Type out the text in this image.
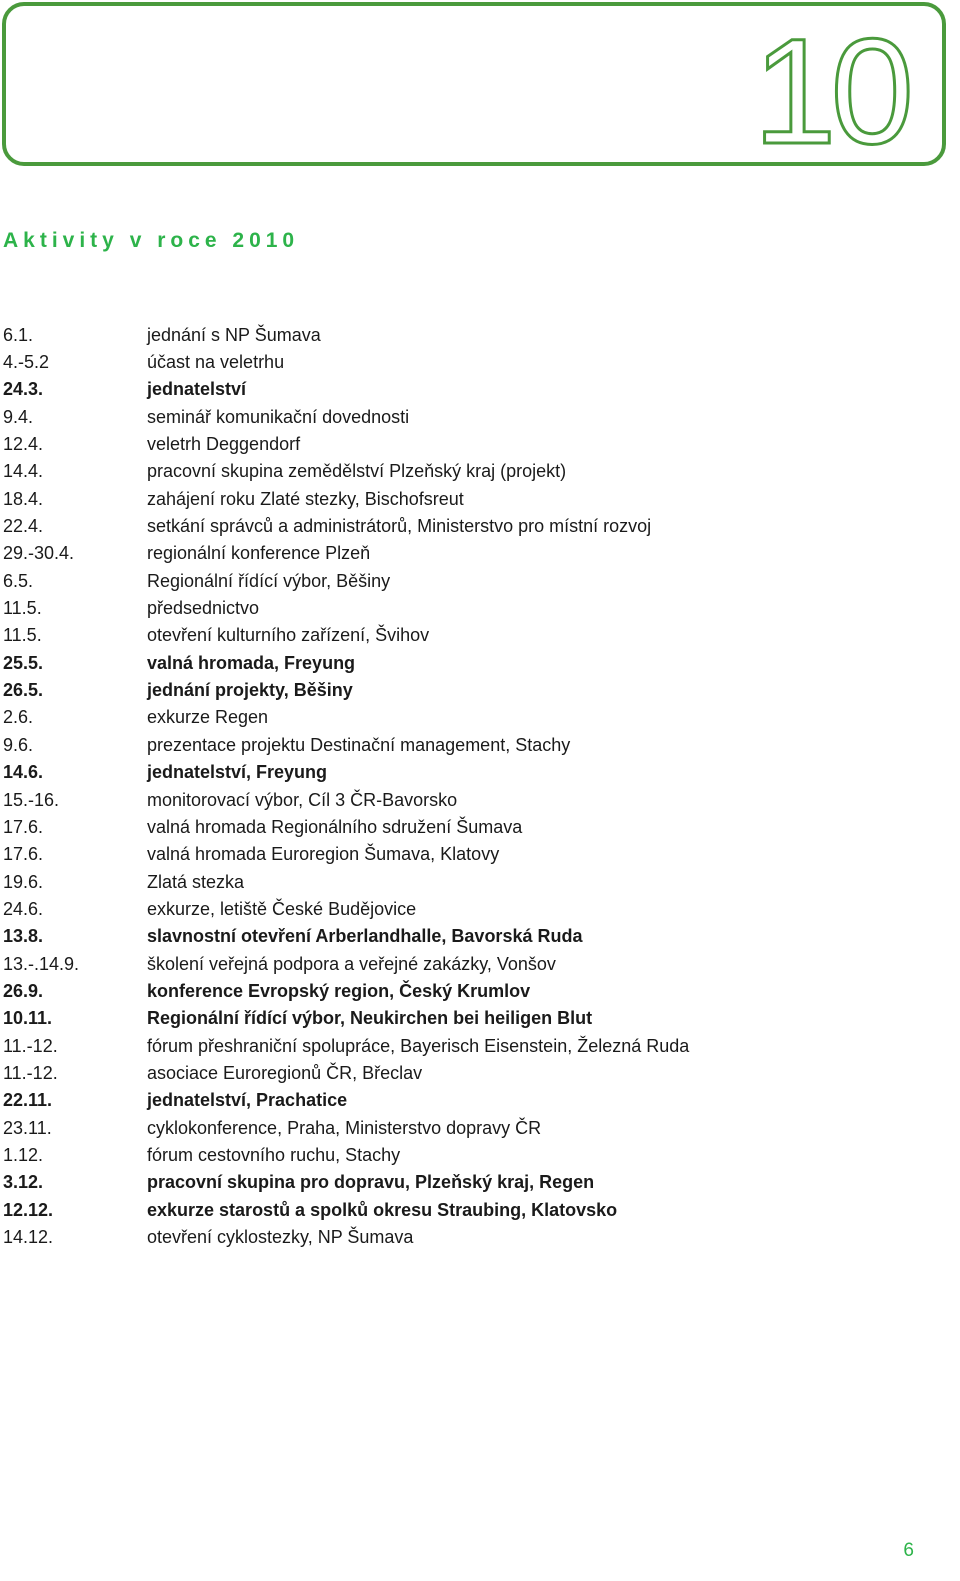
10
Aktivity v roce 2010
6.1.	jednání s NP Šumava
4.-5.2	účast na veletrhu
24.3.	jednatelství
9.4.	seminář komunikační dovednosti
12.4.	veletrh Deggendorf
14.4.	pracovní skupina zemědělství Plzeňský kraj (projekt)
18.4.	zahájení roku Zlaté stezky, Bischofsreut
22.4.	setkání správců a administrátorů, Ministerstvo pro místní rozvoj
29.-30.4.	regionální konference Plzeň
6.5.	Regionální řídící výbor, Běšiny
11.5.	předsednictvo
11.5.	otevření kulturního zařízení, Švihov
25.5.	valná hromada, Freyung
26.5.	jednání projekty, Běšiny
2.6.	exkurze Regen
9.6.	prezentace projektu Destinační management, Stachy
14.6.	jednatelství, Freyung
15.-16.	monitorovací výbor, Cíl 3 ČR-Bavorsko
17.6.	valná hromada Regionálního sdružení Šumava
17.6.	valná hromada Euroregion Šumava, Klatovy
19.6.	Zlatá stezka
24.6.	exkurze, letiště České Budějovice
13.8.	slavnostní otevření Arberlandhalle, Bavorská Ruda
13.-.14.9.	školení veřejná podpora a veřejné zakázky, Vonšov
26.9.	konference Evropský region, Český Krumlov
10.11.	Regionální řídící výbor, Neukirchen bei heiligen Blut
11.-12.	fórum přeshraniční spolupráce, Bayerisch Eisenstein, Železná Ruda
11.-12.	asociace Euroregionů ČR, Břeclav
22.11.	jednatelství, Prachatice
23.11.	cyklokonference, Praha, Ministerstvo dopravy ČR
1.12.	fórum cestovního ruchu, Stachy
3.12.	pracovní skupina pro dopravu, Plzeňský kraj, Regen
12.12.	exkurze starostů a spolků okresu Straubing, Klatovsko
14.12.	otevření cyklostezky, NP Šumava
6
